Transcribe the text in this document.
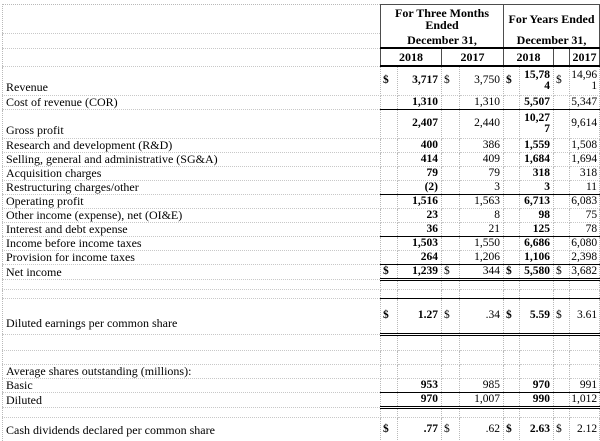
	For Three Months Ended				For Years Ended			
	December 31,				December 31,			
	2018		2017		2018			2017
Revenue	$	3,717	$	3,750	$	15,784	$	14,961
Cost of revenue (COR)		1,310		1,310		5,507		5,347
Gross profit		2,407		2,440		10,277		9,614
Research and development (R&D)		400		386		1,559		1,508
Selling, general and administrative (SG&A)		414		409		1,684		1,694
Acquisition charges		79		79		318		318
Restructuring charges/other		(2)		3		3		11
Operating profit		1,516		1,563		6,713		6,083
Other income (expense), net (OI&E)		23		8		98		75
Interest and debt expense		36		21		125		78
Income before income taxes		1,503		1,550		6,686		6,080
Provision for income taxes		264		1,206		1,106		2,398
Net income	$	1,239	$	344	$	5,580	$	3,682

Diluted earnings per common share	$	1.27	$	.34	$	5.59	$	3.61

Average shares outstanding (millions):								
Basic		953		985		970		991
Diluted		970		1,007		990		1,012

Cash dividends declared per common share	$	.77	$	.62	$	2.63	$	2.12
